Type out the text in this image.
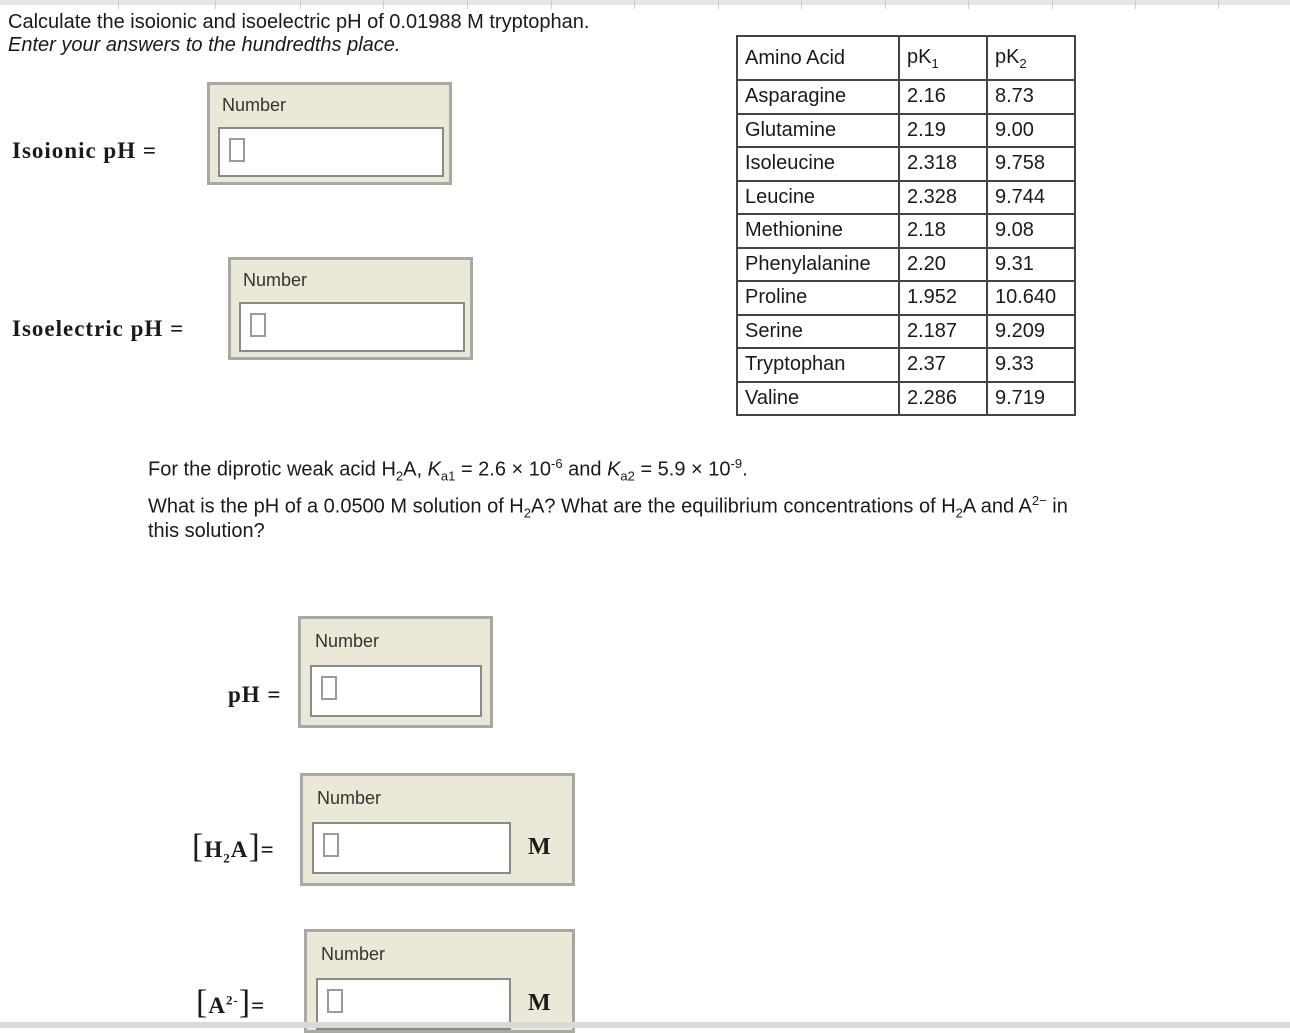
Calculate the isoionic and isoelectric pH of 0.01988 M tryptophan.
Enter your answers to the hundredths place.
Isoionic pH =
Number
Isoelectric pH =
Number
Amino Acid	$pK_1$	$pK_2$
Asparagine	2.16	8.73
Glutamine	2.19	9.00
Isoleucine	2.318	9.758
Leucine	2.328	9.744
Methionine	2.18	9.08
Phenylalanine	2.20	9.31
Proline	1.952	10.640
Serine	2.187	9.209
Tryptophan	2.37	9.33
Valine	2.286	9.719
For the diprotic weak acid $H_2A$, $K_{a1} = 2.6 \times 10^{-6}$ and $K_{a2} = 5.9 \times 10^{-9}$.
What is the pH of a 0.0500 M solution of $H_2A$? What are the equilibrium concentrations of $H_2A$ and $A^{2-}$ in
this solution?
pH =
Number
$[H_2A]=$
Number
M
$[A^{2-}]=$
Number
M
